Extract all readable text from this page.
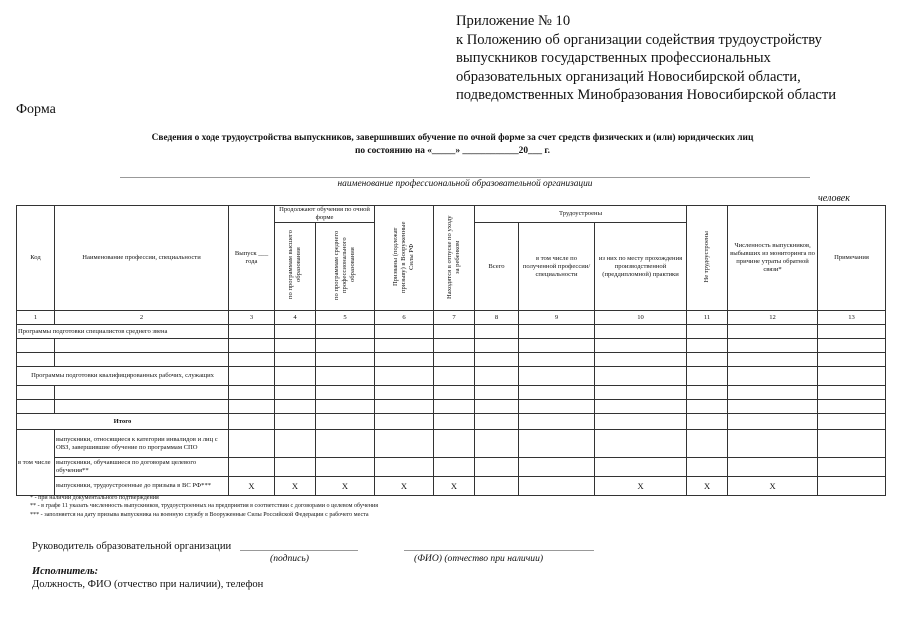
Приложение № 10
к Положению об организации содействия трудоустройству
выпускников государственных профессиональных
образовательных организаций Новосибирской области,
подведомственных Минобразования Новосибирской области
Форма
Сведения о ходе трудоустройства выпускников, завершивших обучение по очной форме за счет средств физических и (или) юридических лиц
по состоянию на «_____» ____________20___ г.
наименование профессиональной образовательной организации
человек
Код	Наименование профессии, специальности	Выпуск ___ года	Продолжают обучения по очной форме		Призваны (подлежат призыву) в Вооруженные Силы РФ	Находятся в отпуске по уходу за ребенком	Трудоустроены			Не трудоустроены	Численность выпускников, выбывших из мониторинга по причине утраты обратной связи*	Примечания
			по программам высшего образования	по программам среднего профессионального образования			Всего	в том числе по полученной профессии/ специальности	из них по месту прохождения производственной (преддипломной) практики			
1	2	3	4	5	6	7	8	9	10	11	12	13
Программы подготовки специалистов среднего звена												

Программы подготовки квалифицированных рабочих, служащих												

Итого												
в том числе	выпускники, относящиеся к категории инвалидов и лиц с ОВЗ, завершившие обучение по программам СПО											
	выпускники, обучавшиеся по договорам целевого обучения**											
	выпускники, трудоустроенные до призыва в ВС РФ***	X	X	X	X	X			X	X	X	
* - при наличии документального подтверждения
** - в графе 11 указать численность выпускников, трудоустроенных на предприятия в соответствии с договорами о целевом обучения
*** - заполняется на дату призыва выпускника на военную службу в Вооруженные Силы Российской Федерации с рабочего места
Руководитель образовательной организации
(подпись)	(ФИО) (отчество при наличии)
Исполнитель:
Должность, ФИО (отчество при наличии), телефон
